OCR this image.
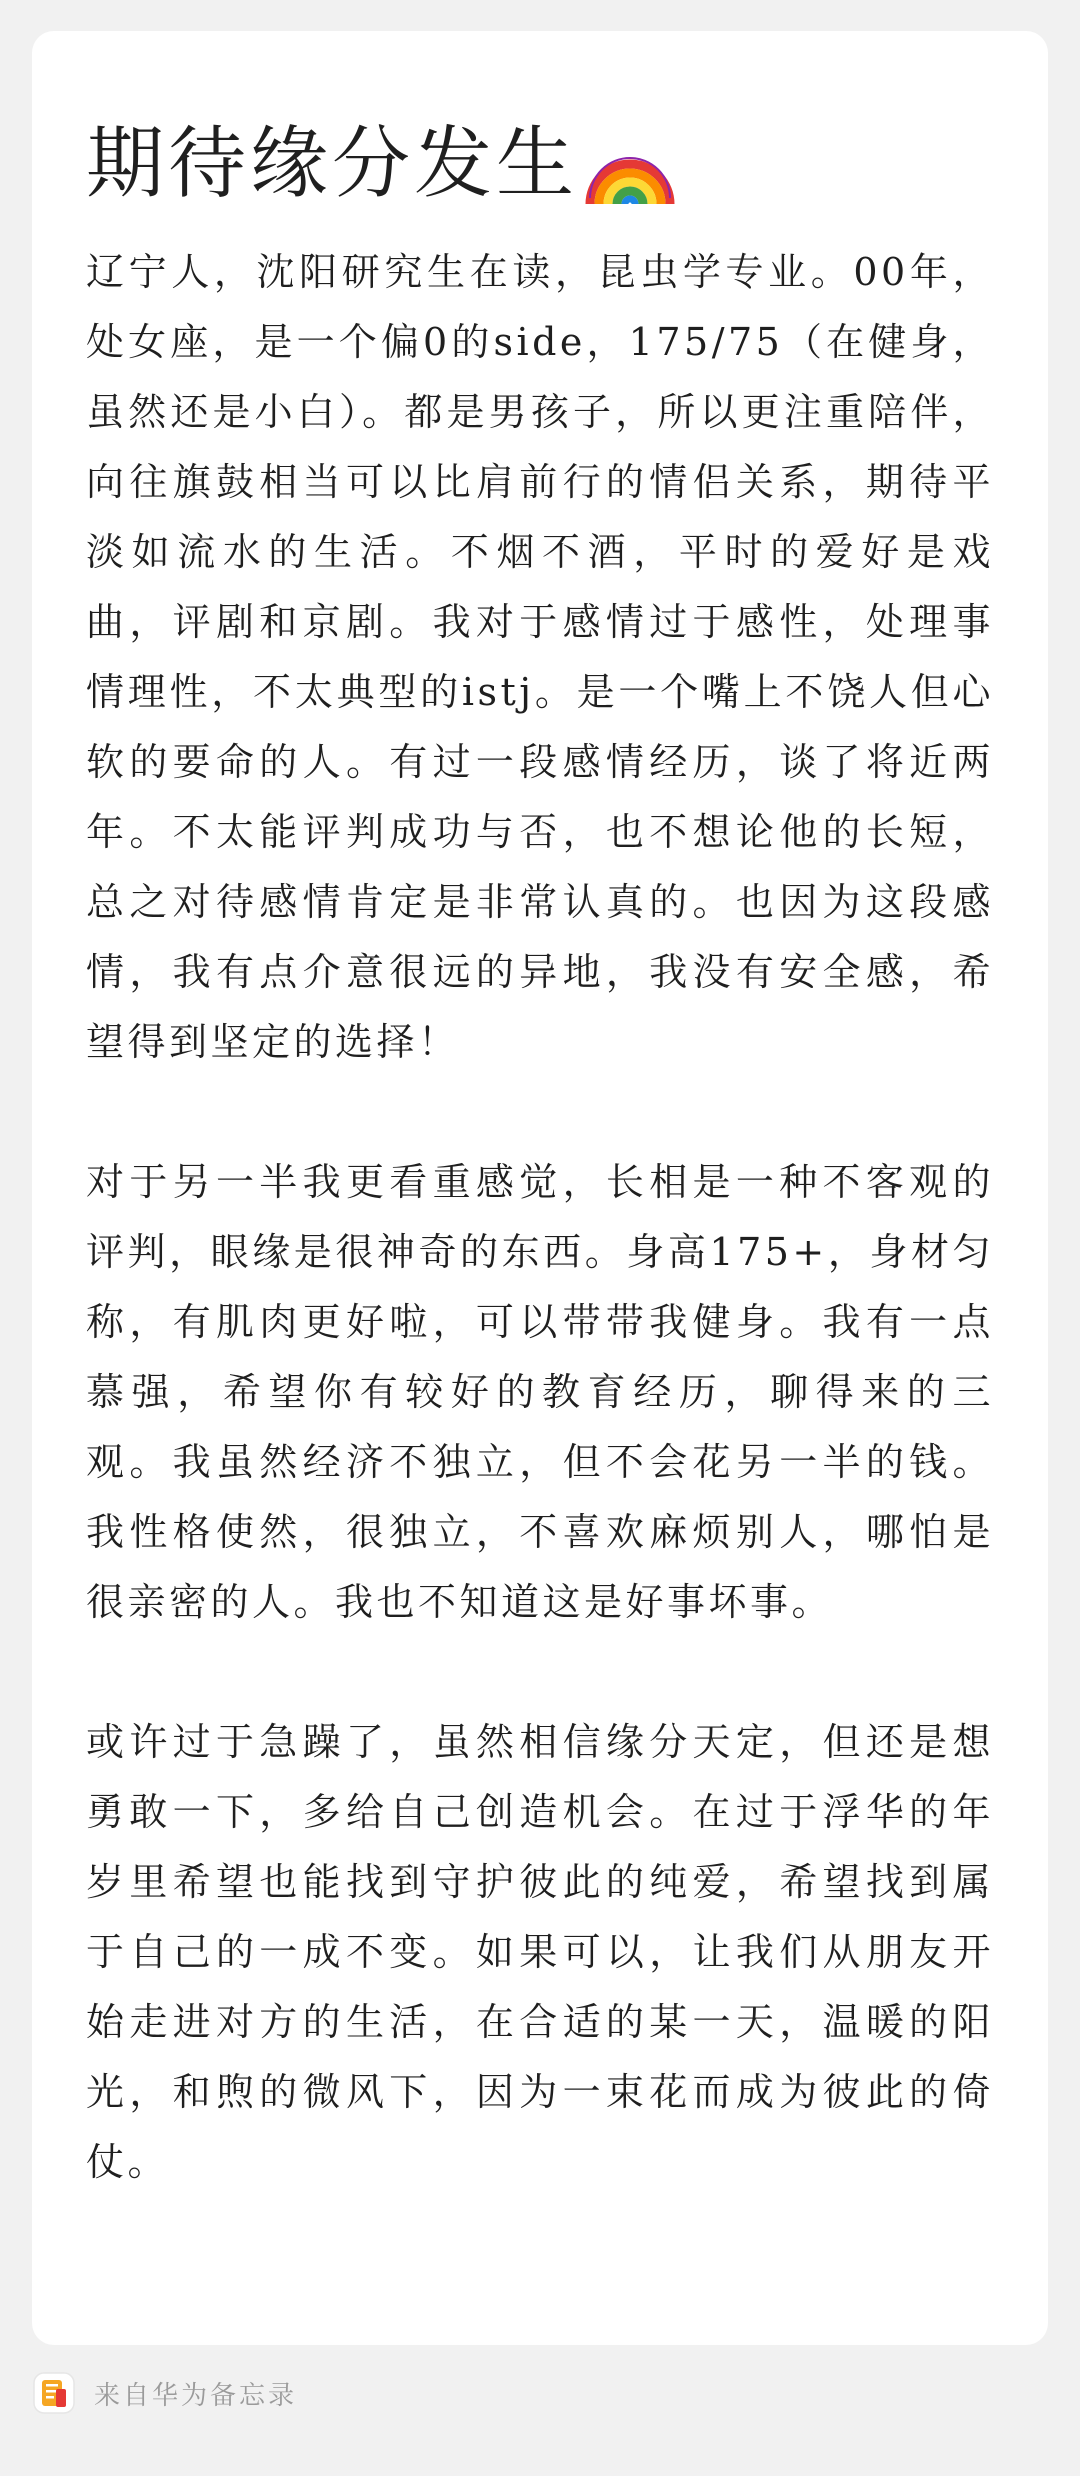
期待缘分发生

辽宁人，沈阳研究生在读，昆虫学专业。00年，处女座，是一个偏0的side，175/75（在健身，虽然还是小白）。都是男孩子，所以更注重陪伴，向往旗鼓相当可以比肩前行的情侣关系，期待平淡如流水的生活。不烟不酒，平时的爱好是戏曲，评剧和京剧。我对于感情过于感性，处理事情理性，不太典型的istj。是一个嘴上不饶人但心软的要命的人。有过一段感情经历，谈了将近两年。不太能评判成功与否，也不想论他的长短，总之对待感情肯定是非常认真的。也因为这段感情，我有点介意很远的异地，我没有安全感，希望得到坚定的选择！

对于另一半我更看重感觉，长相是一种不客观的评判，眼缘是很神奇的东西。身高175+，身材匀称，有肌肉更好啦，可以带带我健身。我有一点慕强，希望你有较好的教育经历，聊得来的三观。我虽然经济不独立，但不会花另一半的钱。我性格使然，很独立，不喜欢麻烦别人，哪怕是很亲密的人。我也不知道这是好事坏事。

或许过于急躁了，虽然相信缘分天定，但还是想勇敢一下，多给自己创造机会。在过于浮华的年岁里希望也能找到守护彼此的纯爱，希望找到属于自己的一成不变。如果可以，让我们从朋友开始走进对方的生活，在合适的某一天，温暖的阳光，和煦的微风下，因为一束花而成为彼此的倚仗。

来自华为备忘录
